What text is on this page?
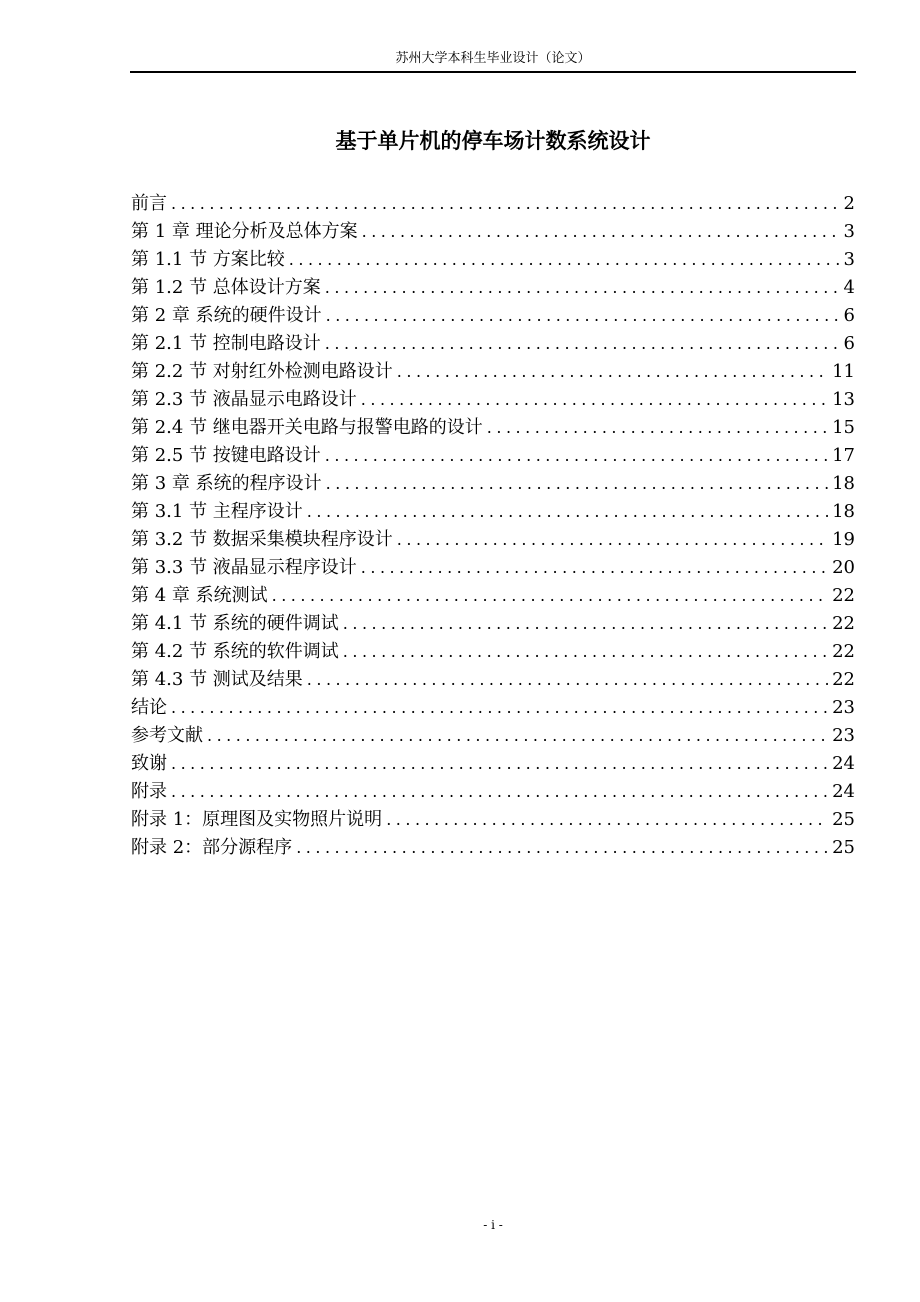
苏州大学本科生毕业设计（论文）
基于单片机的停车场计数系统设计
前言 .....	2
第 1 章 理论分析及总体方案 .....	3
第 1.1 节 方案比较 .....	3
第 1.2 节 总体设计方案 .....	4
第 2 章 系统的硬件设计 .....	6
第 2.1 节 控制电路设计 .....	6
第 2.2 节 对射红外检测电路设计 .....	11
第 2.3 节 液晶显示电路设计 .....	13
第 2.4 节 继电器开关电路与报警电路的设计 .....	15
第 2.5 节 按键电路设计 .....	17
第 3 章 系统的程序设计 .....	18
第 3.1 节 主程序设计 .....	18
第 3.2 节 数据采集模块程序设计 .....	19
第 3.3 节 液晶显示程序设计 .....	20
第 4 章 系统测试 .....	22
第 4.1 节 系统的硬件调试 .....	22
第 4.2 节 系统的软件调试 .....	22
第 4.3 节 测试及结果 .....	22
结论 .....	23
参考文献 .....	23
致谢 .....	24
附录 .....	24
附录 1：原理图及实物照片说明 .....	25
附录 2：部分源程序 .....	25
- i -
